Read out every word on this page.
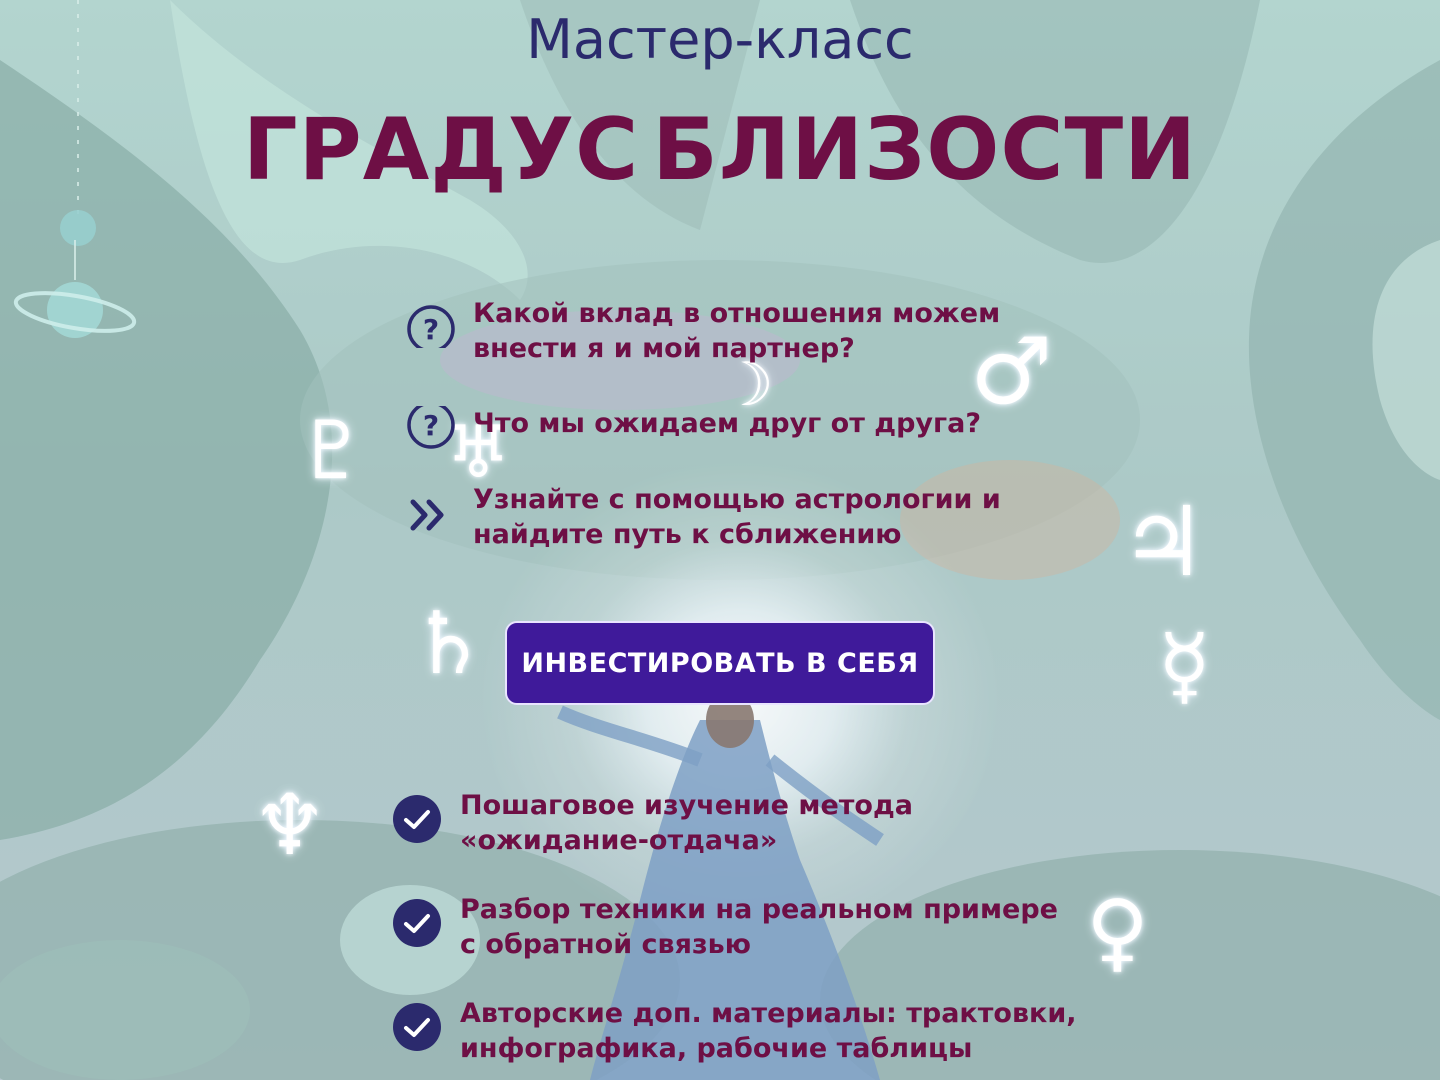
☽ ♂
♇ ♅
♃
♄	☿
♆
♀
Мастер-класс
ГРАДУС БЛИЗОСТИ
? Какой вклад в отношения можем
внести я и мой партнер?
? Что мы ожидаем друг от друга?
Узнайте с помощью астрологии и
найдите путь к сближению
ИНВЕСТИРОВАТЬ В СЕБЯ
Пошаговое изучение метода
«ожидание-отдача»
Разбор техники на реальном примере
с обратной связью
Авторские доп. материалы: трактовки,
инфографика, рабочие таблицы
